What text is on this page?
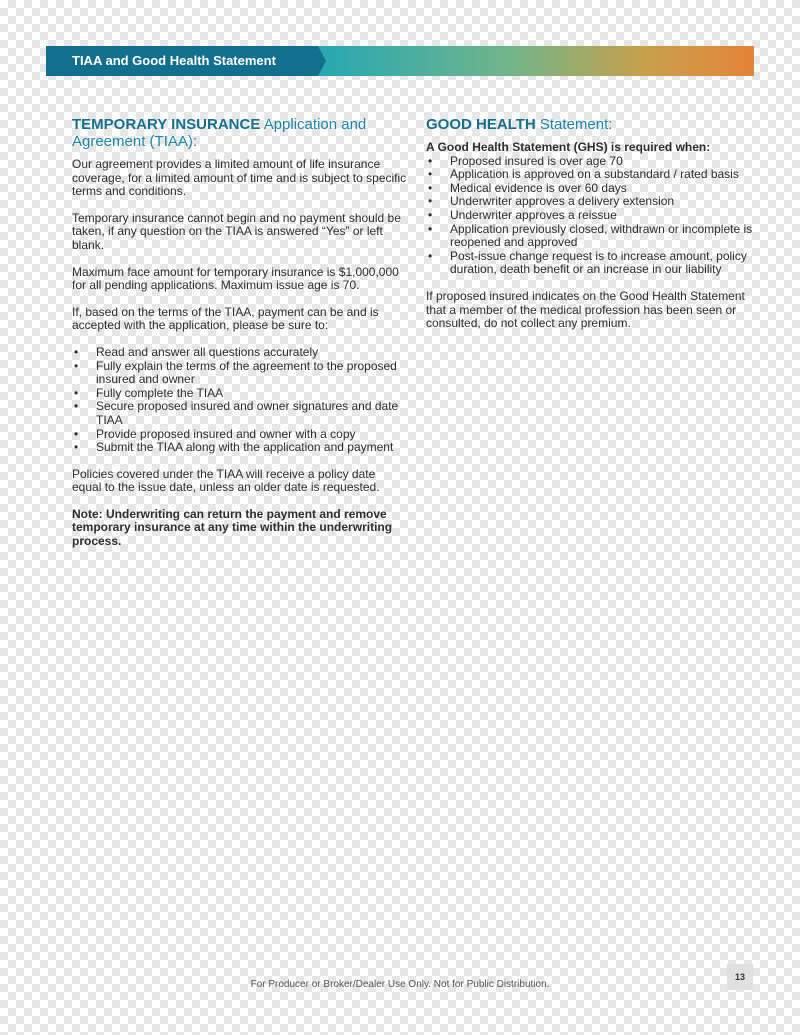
TIAA and Good Health Statement
TEMPORARY INSURANCE Application and Agreement (TIAA):

Our agreement provides a limited amount of life insurance coverage, for a limited amount of time and is subject to specific terms and conditions.

Temporary insurance cannot begin and no payment should be taken, if any question on the TIAA is answered “Yes” or left blank.

Maximum face amount for temporary insurance is $1,000,000 for all pending applications. Maximum issue age is 70.

If, based on the terms of the TIAA, payment can be and is accepted with the application, please be sure to:

• Read and answer all questions accurately
• Fully explain the terms of the agreement to the proposed insured and owner
• Fully complete the TIAA
• Secure proposed insured and owner signatures and date TIAA
• Provide proposed insured and owner with a copy
• Submit the TIAA along with the application and payment

Policies covered under the TIAA will receive a policy date equal to the issue date, unless an older date is requested.

Note: Underwriting can return the payment and remove temporary insurance at any time within the underwriting process.

GOOD HEALTH Statement:

A Good Health Statement (GHS) is required when:

• Proposed insured is over age 70
• Application is approved on a substandard / rated basis
• Medical evidence is over 60 days
• Underwriter approves a delivery extension
• Underwriter approves a reissue
• Application previously closed, withdrawn or incomplete is reopened and approved
• Post-issue change request is to increase amount, policy duration, death benefit or an increase in our liability

If proposed insured indicates on the Good Health Statement that a member of the medical profession has been seen or consulted, do not collect any premium.

For Producer or Broker/Dealer Use Only. Not for Public Distribution.
13
